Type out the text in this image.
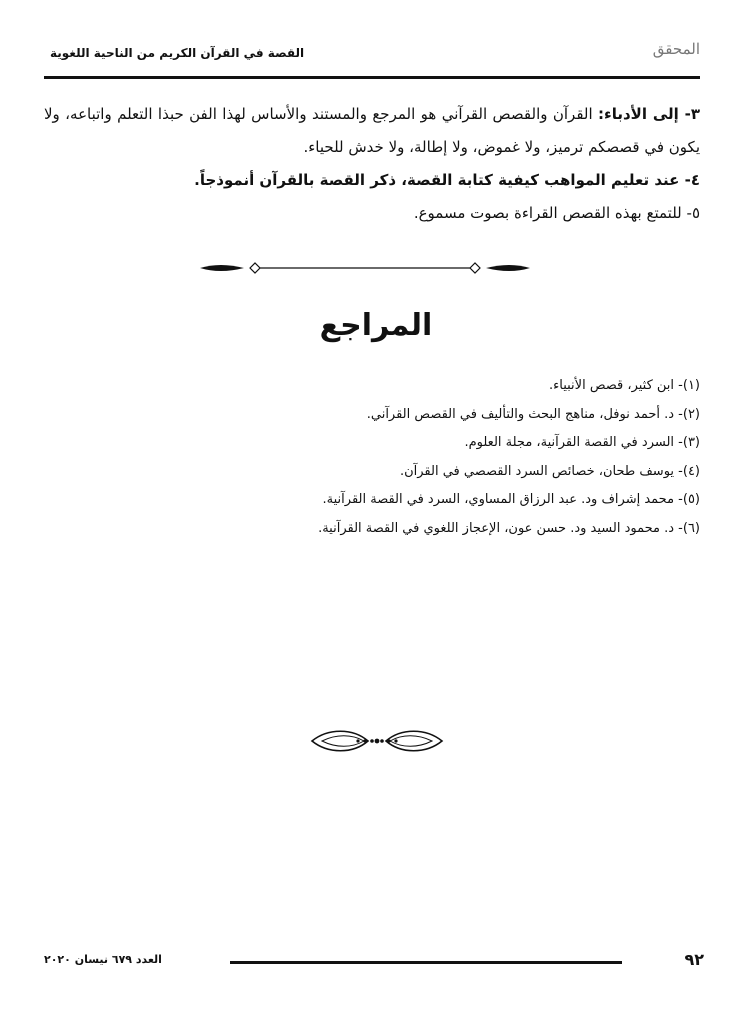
القصة في القرآن الكريم من الناحية اللغوية	المحقق

٣- إلى الأدباء: القرآن والقصص القرآني هو المرجع والمستند والأساس لهذا الفن حبذا التعلم واتباعه، ولا يكون في قصصكم ترميز، ولا غموض، ولا إطالة، ولا خدش للحياء.

٤- عند تعليم المواهب كيفية كتابة القصة، ذكر القصة بالقرآن أنموذجاً.

٥- للتمتع بهذه القصص القراءة بصوت مسموع.

المراجع
(١)- ابن كثير، قصص الأنبياء.
(٢)- د. أحمد نوفل، مناهج البحث والتأليف في القصص القرآني.
(٣)- السرد في القصة القرآنية، مجلة العلوم.
(٤)- يوسف طحان، خصائص السرد القصصي في القرآن.
(٥)- محمد إشراف ود. عبد الرزاق المساوي، السرد في القصة القرآنية.
(٦)- د. محمود السيد ود. حسن عون، الإعجاز اللغوي في القصة القرآنية.
العدد ٦٧٩ نيسان ٢٠٢٠	٩٢
